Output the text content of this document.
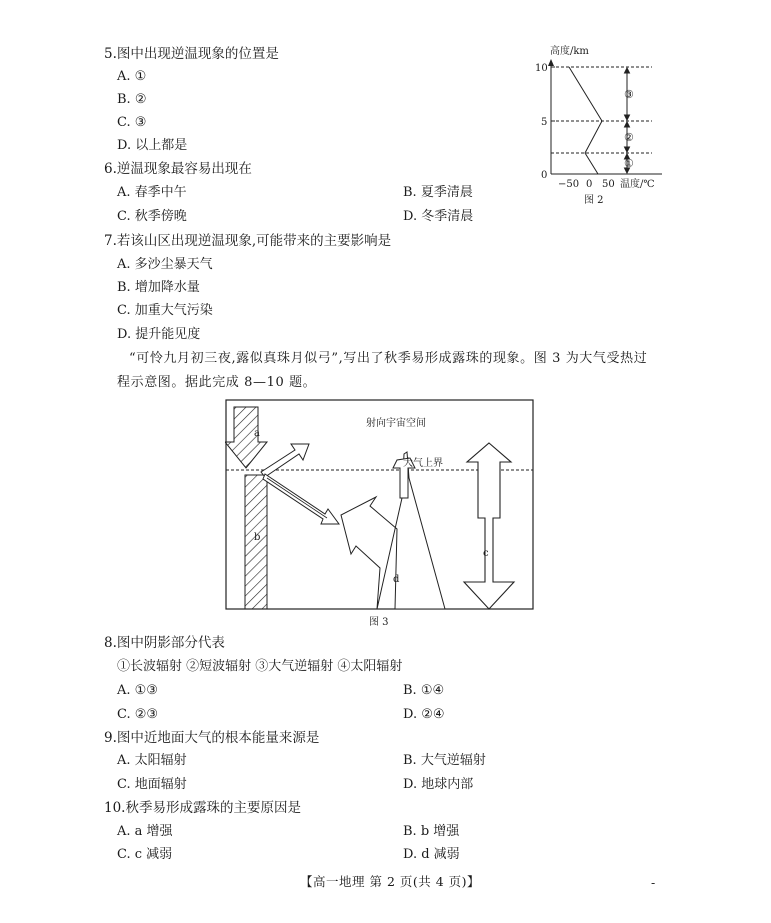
5.图中出现逆温现象的位置是
A. ①
B. ②
C. ③
D. 以上都是
6.逆温现象最容易出现在
A. 春季中午	B. 夏季清晨
C. 秋季傍晚	D. 冬季清晨
7.若该山区出现逆温现象,可能带来的主要影响是
A. 多沙尘暴天气
B. 增加降水量
C. 加重大气污染
D. 提升能见度
“可怜九月初三夜,露似真珠月似弓”,写出了秋季易形成露珠的现象。图 3 为大气受热过
程示意图。据此完成 8—10 题。
高度/km
10
5
0
③
②
①
−50 0 50 温度/℃
图 2
射向宇宙空间
大气上界
a
b
c
d
图 3
8.图中阴影部分代表
①长波辐射 ②短波辐射 ③大气逆辐射 ④太阳辐射
A. ①③	B. ①④
C. ②③	D. ②④
9.图中近地面大气的根本能量来源是
A. 太阳辐射	B. 大气逆辐射
C. 地面辐射	D. 地球内部
10.秋季易形成露珠的主要原因是
A. a 增强	B. b 增强
C. c 减弱	D. d 减弱
【高一地理 第 2 页(共 4 页)】	-
